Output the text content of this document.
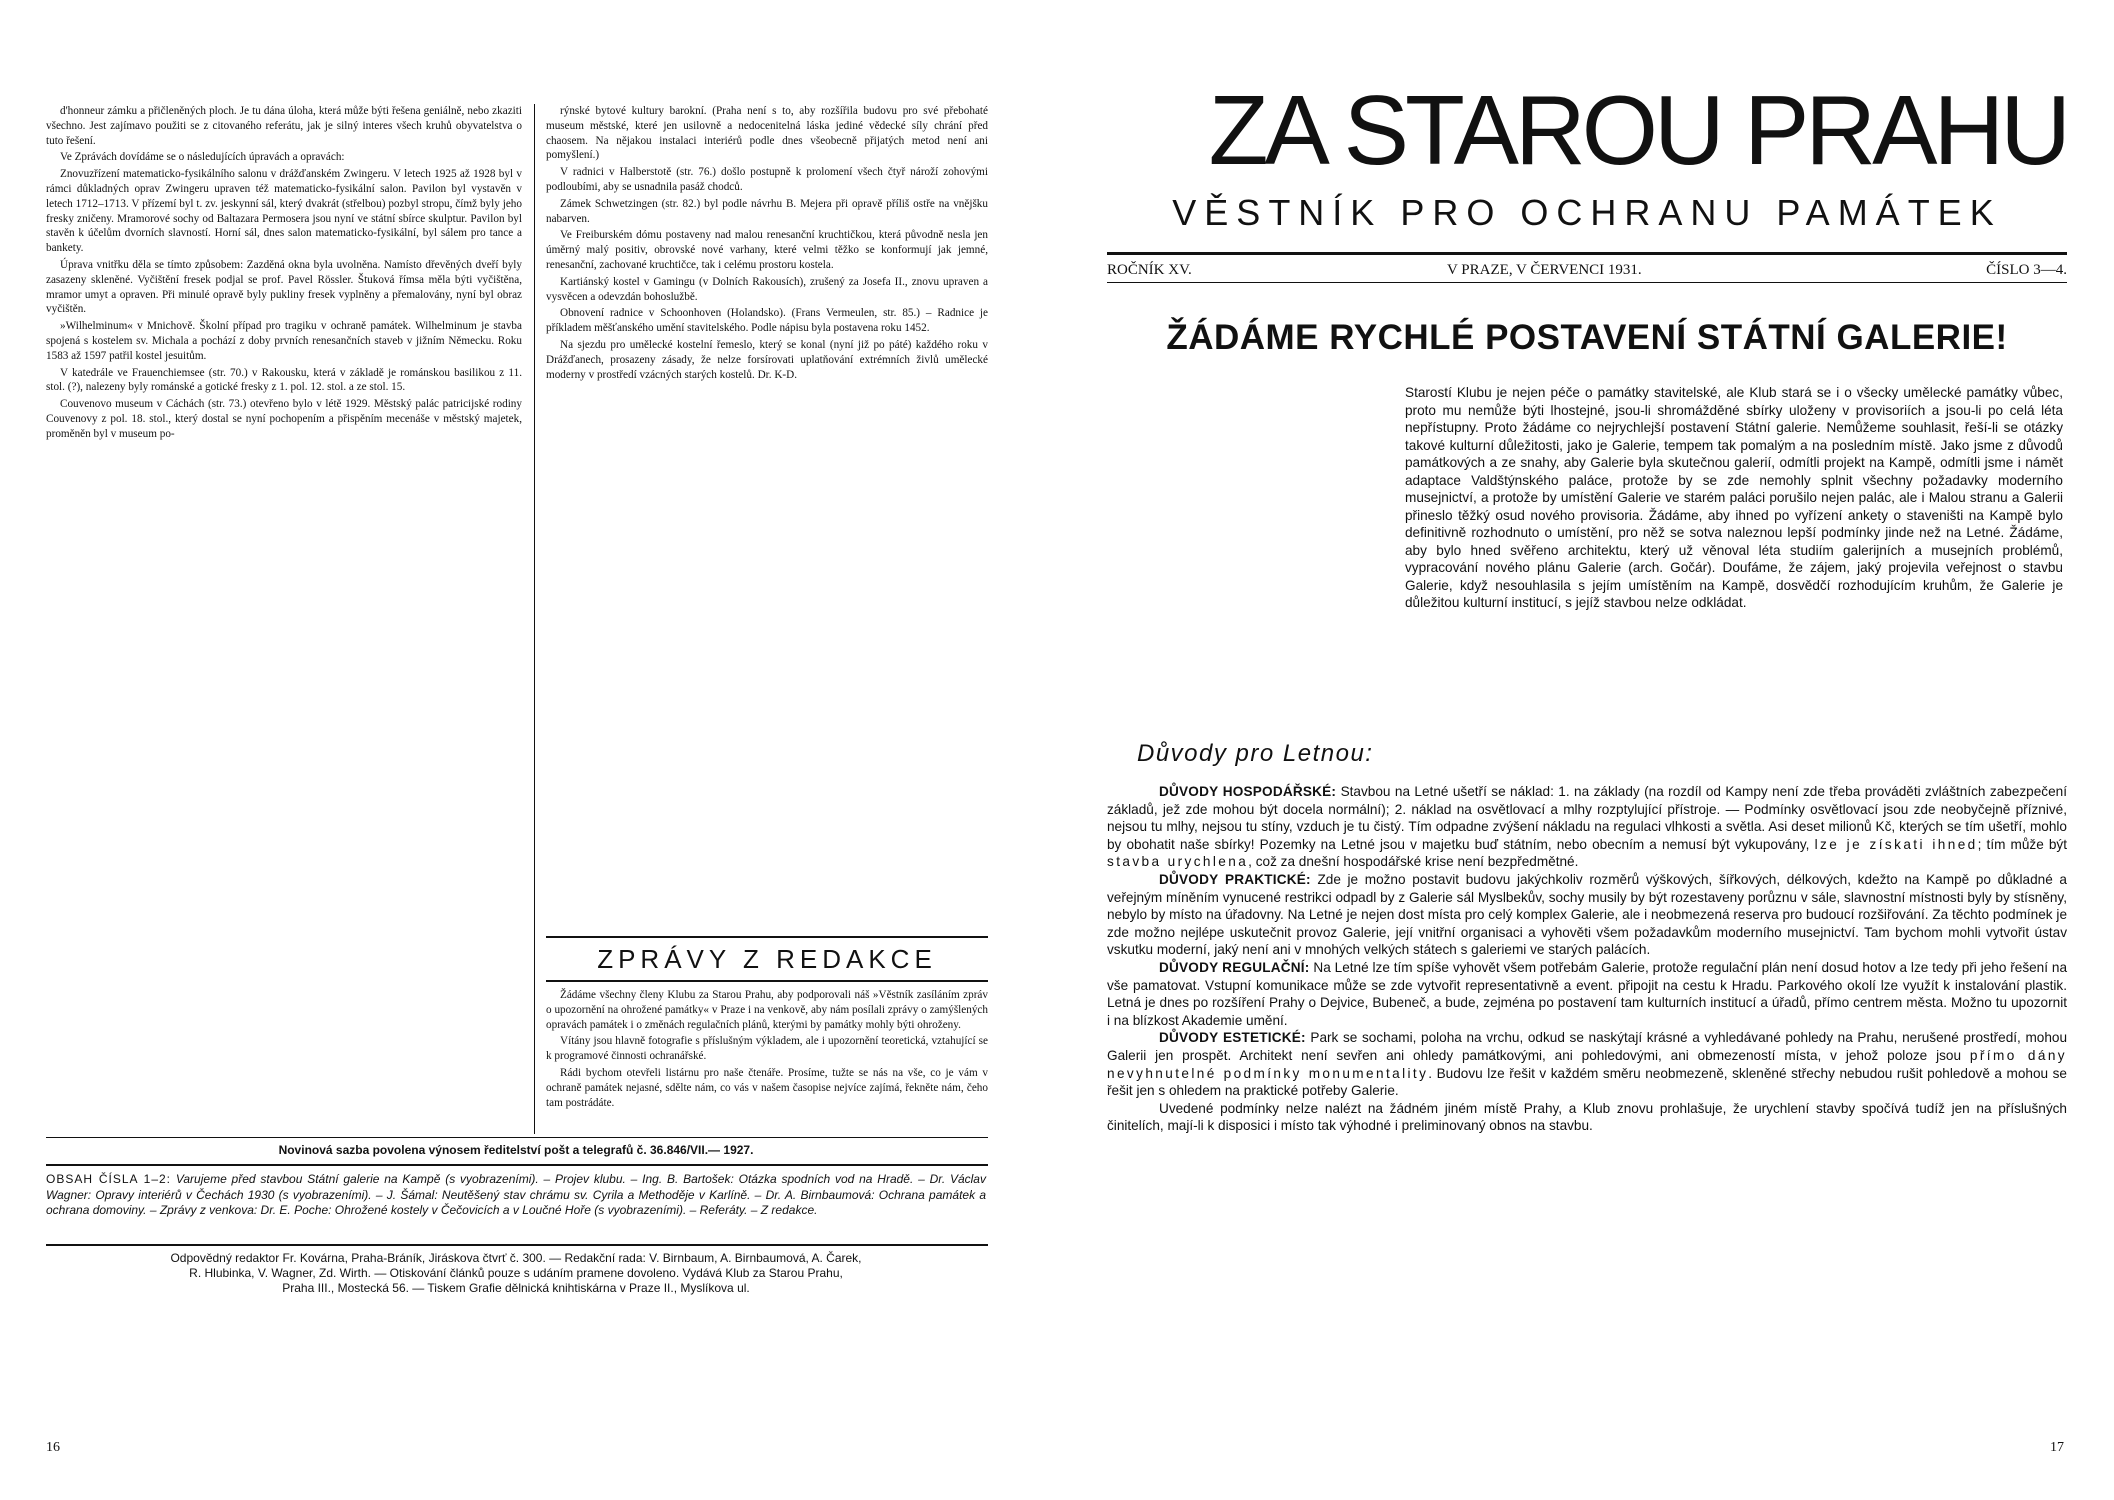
d'honneur zámku a přičleněných ploch. Je tu dána úloha, která může býti řešena geniálně, nebo zkaziti všechno. Jest zajímavo použiti se z citovaného referátu, jak je silný interes všech kruhů obyvatelstva o tuto řešení.

Ve Zprávách dovídáme se o následujících úpravách a opravách:

Znovuzřízení matematicko-fysikálního salonu v drážďanském Zwingeru. V letech 1925 až 1928 byl v rámci důkladných oprav Zwingeru upraven též matematicko-fysikální salon. Pavilon byl vystavěn v letech 1712–1713. V přízemí byl t. zv. jeskynní sál, který dvakrát (střelbou) pozbyl stropu, čímž byly jeho fresky zničeny. Mramorové sochy od Baltazara Permosera jsou nyní ve státní sbírce skulptur. Pavilon byl stavěn k účelům dvorních slavností. Horní sál, dnes salon matematicko-fysikální, byl sálem pro tance a bankety.

Úprava vnitřku děla se tímto způsobem: Zazděná okna byla uvolněna. Namísto dřevěných dveří byly zasazeny skleněné. Vyčištění fresek podjal se prof. Pavel Rössler. Štuková římsa měla býti vyčištěna, mramor umyt a opraven. Při minulé opravě byly pukliny fresek vyplněny a přemalovány, nyní byl obraz vyčištěn.

»Wilhelminum« v Mnichově. Školní případ pro tragiku v ochraně památek. Wilhelminum je stavba spojená s kostelem sv. Michala a pochází z doby prvních renesančních staveb v jižním Německu. Roku 1583 až 1597 patřil kostel jesuitům.

V katedrále ve Frauenchiemsee (str. 70.) v Rakousku, která v základě je románskou basilikou z 11. stol. (?), nalezeny byly románské a gotické fresky z 1. pol. 12. stol. a ze stol. 15.

Couvenovo museum v Cáchách (str. 73.) otevřeno bylo v létě 1929. Městský palác patricijské rodiny Couvenovy z pol. 18. stol., který dostal se nyní pochopením a přispěním mecenáše v městský majetek, proměněn byl v museum po-

rýnské bytové kultury barokní. (Praha není s to, aby rozšířila budovu pro své přebohaté museum městské, které jen usilovně a nedocenitelná láska jediné vědecké síly chrání před chaosem. Na nějakou instalaci interiérů podle dnes všeobecně přijatých metod není ani pomyšlení.)

V radnici v Halberstotě (str. 76.) došlo postupně k prolomení všech čtyř nároží zohovými podloubími, aby se usnadnila pasáž chodců.

Zámek Schwetzingen (str. 82.) byl podle návrhu B. Mejera při opravě příliš ostře na vnějšku nabarven.

Ve Freiburském dómu postaveny nad malou renesanční kruchtičkou, která původně nesla jen úměrný malý positiv, obrovské nové varhany, které velmi těžko se konformují jak jemné, renesanční, zachované kruchtičce, tak i celému prostoru kostela.

Kartiánský kostel v Gamingu (v Dolních Rakousích), zrušený za Josefa II., znovu upraven a vysvěcen a odevzdán bohoslužbě.

Obnovení radnice v Schoonhoven (Holandsko). (Frans Vermeulen, str. 85.) – Radnice je příkladem měšťanského umění stavitelského. Podle nápisu byla postavena roku 1452.

Na sjezdu pro umělecké kostelní řemeslo, který se konal (nyní již po páté) každého roku v Drážďanech, prosazeny zásady, že nelze forsírovati uplatňování extrémních živlů umělecké moderny v prostředí vzácných starých kostelů. Dr. K-D.

ZPRÁVY Z REDAKCE

Žádáme všechny členy Klubu za Starou Prahu, aby podporovali náš »Věstník zasíláním zpráv o upozornění na ohrožené památky« v Praze i na venkově, aby nám posílali zprávy o zamýšlených opravách památek i o změnách regulačních plánů, kterými by památky mohly býti ohroženy.

Vítány jsou hlavně fotografie s příslušným výkladem, ale i upozornění teoretická, vztahující se k programové činnosti ochranářské.

Rádi bychom otevřeli listárnu pro naše čtenáře. Prosíme, tužte se nás na vše, co je vám v ochraně památek nejasné, sdělte nám, co vás v našem časopise nejvíce zajímá, řekněte nám, čeho tam postrádáte.

Novinová sazba povolena výnosem ředitelství pošt a telegrafů č. 36.846/VII.— 1927.
OBSAH ČÍSLA 1–2: Varujeme před stavbou Státní galerie na Kampě (s vyobrazeními). – Projev klubu. – Ing. B. Bartošek: Otázka spodních vod na Hradě. – Dr. Václav Wagner: Opravy interiérů v Čechách 1930 (s vyobrazeními). – J. Šámal: Neutěšený stav chrámu sv. Cyrila a Methoděje v Karlíně. – Dr. A. Birnbaumová: Ochrana památek a ochrana domoviny. – Zprávy z venkova: Dr. E. Poche: Ohrožené kostely v Čečovicích a v Loučné Hoře (s vyobrazeními). – Referáty. – Z redakce.
Odpovědný redaktor Fr. Kovárna, Praha-Bráník, Jiráskova čtvrť č. 300. — Redakční rada: V. Birnbaum, A. Birnbaumová, A. Čarek,
R. Hlubinka, V. Wagner, Zd. Wirth. — Otiskování článků pouze s udáním pramene dovoleno. Vydává Klub za Starou Prahu,
Praha III., Mostecká 56. — Tiskem Grafie dělnická knihtiskárna v Praze II., Myslíkova ul.
16
ZA STAROU PRAHU
VĚSTNÍK PRO OCHRANU PAMÁTEK
ROČNÍK XV.	V PRAZE, V ČERVENCI 1931.	ČÍSLO 3—4.
ŽÁDÁME RYCHLÉ POSTAVENÍ STÁTNÍ GALERIE!

Starostí Klubu je nejen péče o památky stavitelské, ale Klub stará se i o všecky umělecké památky vůbec, proto mu nemůže býti lhostejné, jsou-li shromážděné sbírky uloženy v provisoriích a jsou-li po celá léta nepřístupny. Proto žádáme co nejrychlejší postavení Státní galerie. Nemůžeme souhlasit, řeší-li se otázky takové kulturní důležitosti, jako je Galerie, tempem tak pomalým a na posledním místě. Jako jsme z důvodů památkových a ze snahy, aby Galerie byla skutečnou galerií, odmítli projekt na Kampě, odmítli jsme i námět adaptace Valdštýnského paláce, protože by se zde nemohly splnit všechny požadavky moderního musejnictví, a protože by umístění Galerie ve starém paláci porušilo nejen palác, ale i Malou stranu a Galerii přineslo těžký osud nového provisoria. Žádáme, aby ihned po vyřízení ankety o staveništi na Kampě bylo definitivně rozhodnuto o umístění, pro něž se sotva naleznou lepší podmínky jinde než na Letné. Žádáme, aby bylo hned svěřeno architektu, který už věnoval léta studiím galerijních a musejních problémů, vypracování nového plánu Galerie (arch. Gočár). Doufáme, že zájem, jaký projevila veřejnost o stavbu Galerie, když nesouhlasila s jejím umístěním na Kampě, dosvědčí rozhodujícím kruhům, že Galerie je důležitou kulturní institucí, s jejíž stavbou nelze odkládat.

Důvody pro Letnou:

DŮVODY HOSPODÁŘSKÉ: Stavbou na Letné ušetří se náklad: 1. na základy (na rozdíl od Kampy není zde třeba prováděti zvláštních zabezpečení základů, jež zde mohou být docela normální); 2. náklad na osvětlovací a mlhy rozptylující přístroje. — Podmínky osvětlovací jsou zde neobyčejně příznivé, nejsou tu mlhy, nejsou tu stíny, vzduch je tu čistý. Tím odpadne zvýšení nákladu na regulaci vlhkosti a světla. Asi deset milionů Kč, kterých se tím ušetří, mohlo by obohatit naše sbírky! Pozemky na Letné jsou v majetku buď státním, nebo obecním a nemusí být vykupovány, lze je získati ihned; tím může být stavba urychlena, což za dnešní hospodářské krise není bezpředmětné.

DŮVODY PRAKTICKÉ: Zde je možno postavit budovu jakýchkoliv rozměrů výškových, šířkových, délkových, kdežto na Kampě po důkladné a veřejným míněním vynucené restrikci odpadl by z Galerie sál Myslbekův, sochy musily by být rozestaveny porůznu v sále, slavnostní místnosti byly by stísněny, nebylo by místo na úřadovny. Na Letné je nejen dost místa pro celý komplex Galerie, ale i neobmezená reserva pro budoucí rozšiřování. Za těchto podmínek je zde možno nejlépe uskutečnit provoz Galerie, její vnitřní organisaci a vyhověti všem požadavkům moderního musejnictví. Tam bychom mohli vytvořit ústav vskutku moderní, jaký není ani v mnohých velkých státech s galeriemi ve starých palácích.

DŮVODY REGULAČNÍ: Na Letné lze tím spíše vyhovět všem potřebám Galerie, protože regulační plán není dosud hotov a lze tedy při jeho řešení na vše pamatovat. Vstupní komunikace může se zde vytvořit representativně a event. připojit na cestu k Hradu. Parkového okolí lze využít k instalování plastik. Letná je dnes po rozšíření Prahy o Dejvice, Bubeneč, a bude, zejména po postavení tam kulturních institucí a úřadů, přímo centrem města. Možno tu upozornit i na blízkost Akademie umění.

DŮVODY ESTETICKÉ: Park se sochami, poloha na vrchu, odkud se naskýtají krásné a vyhledávané pohledy na Prahu, nerušené prostředí, mohou Galerii jen prospět. Architekt není sevřen ani ohledy památkovými, ani pohledovými, ani obmezeností místa, v jehož poloze jsou přímo dány nevyhnutelné podmínky monumentality. Budovu lze řešit v každém směru neobmezeně, skleněné střechy nebudou rušit pohledově a mohou se řešit jen s ohledem na praktické potřeby Galerie.

Uvedené podmínky nelze nalézt na žádném jiném místě Prahy, a Klub znovu prohlašuje, že urychlení stavby spočívá tudíž jen na příslušných činitelích, mají-li k disposici i místo tak výhodné i preliminovaný obnos na stavbu.

17
